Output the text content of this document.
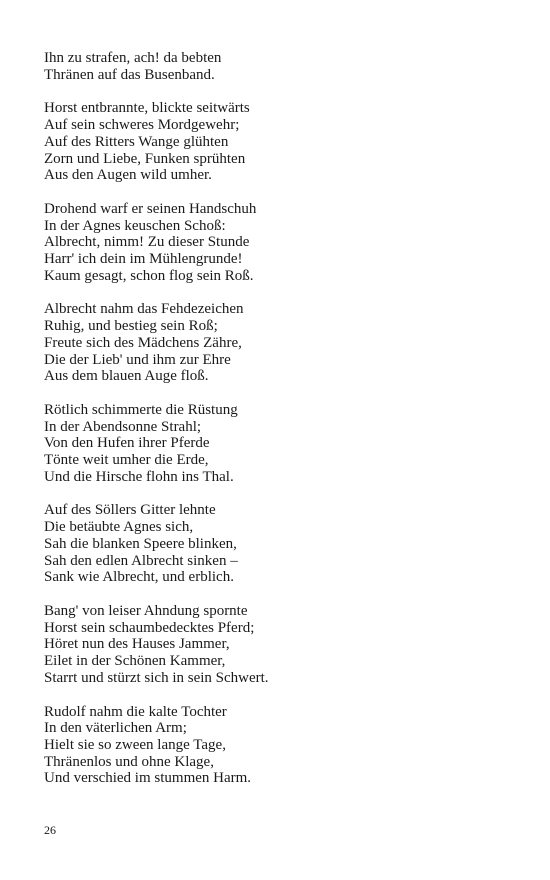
Ihn zu strafen, ach! da bebten
Thränen auf das Busenband.
Horst entbrannte, blickte seitwärts
Auf sein schweres Mordgewehr;
Auf des Ritters Wange glühten
Zorn und Liebe, Funken sprühten
Aus den Augen wild umher.
Drohend warf er seinen Handschuh
In der Agnes keuschen Schoß:
Albrecht, nimm! Zu dieser Stunde
Harr' ich dein im Mühlengrunde!
Kaum gesagt, schon flog sein Roß.
Albrecht nahm das Fehdezeichen
Ruhig, und bestieg sein Roß;
Freute sich des Mädchens Zähre,
Die der Lieb' und ihm zur Ehre
Aus dem blauen Auge floß.
Rötlich schimmerte die Rüstung
In der Abendsonne Strahl;
Von den Hufen ihrer Pferde
Tönte weit umher die Erde,
Und die Hirsche flohn ins Thal.
Auf des Söllers Gitter lehnte
Die betäubte Agnes sich,
Sah die blanken Speere blinken,
Sah den edlen Albrecht sinken –
Sank wie Albrecht, und erblich.
Bang' von leiser Ahndung spornte
Horst sein schaumbedecktes Pferd;
Höret nun des Hauses Jammer,
Eilet in der Schönen Kammer,
Starrt und stürzt sich in sein Schwert.
Rudolf nahm die kalte Tochter
In den väterlichen Arm;
Hielt sie so zween lange Tage,
Thränenlos und ohne Klage,
Und verschied im stummen Harm.
26
